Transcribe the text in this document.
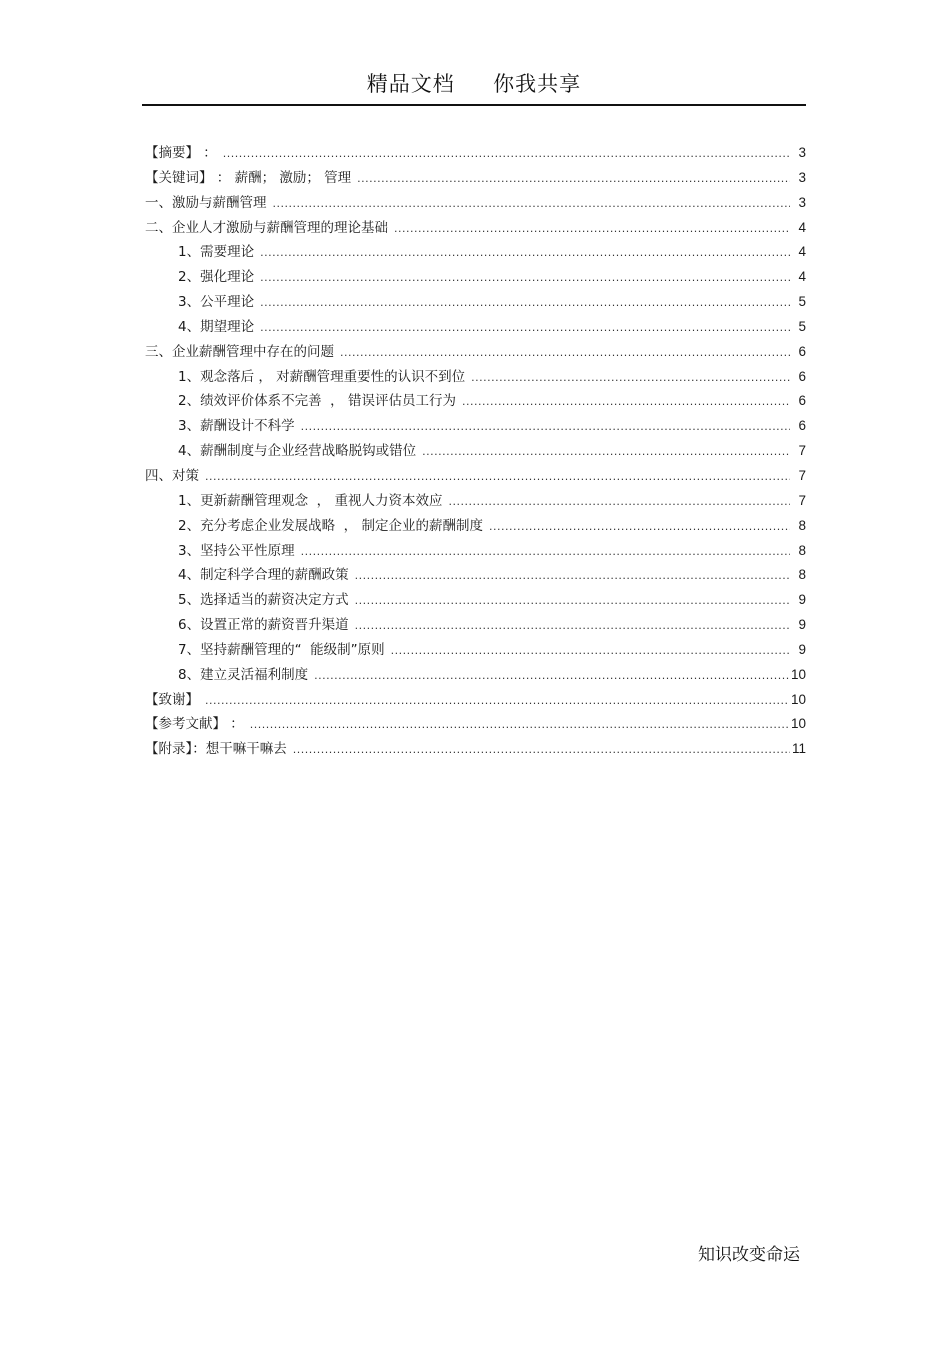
精品文档     你我共享
【摘要】 ： .....	3
【关键词】 ： 薪酬； 激励； 管理 .....	3
一、激励与薪酬管理 .....	3
二、企业人才激励与薪酬管理的理论基础 .....	4
1、需要理论 .....	4
2、强化理论 .....	4
3、公平理论 .....	5
4、期望理论 .....	5
三、企业薪酬管理中存在的问题 .....	6
1、观念落后 ， 对薪酬管理重要性的认识不到位 .....	6
2、绩效评价体系不完善  ， 错误评估员工行为 .....	6
3、薪酬设计不科学 .....	6
4、薪酬制度与企业经营战略脱钩或错位 .....	7
四、对策 .....	7
1、更新薪酬管理观念  ， 重视人力资本效应 .....	7
2、充分考虑企业发展战略  ， 制定企业的薪酬制度 .....	8
3、坚持公平性原理 .....	8
4、制定科学合理的薪酬政策 .....	8
5、选择适当的薪资决定方式 .....	9
6、设置正常的薪资晋升渠道 .....	9
7、坚持薪酬管理的“  能级制”原则 .....	9
8、建立灵活福利制度 .....	10
【致谢】 .....	10
【参考文献】 ： .....	10
【附录】：想干嘛干嘛去 .....	11
知识改变命运
